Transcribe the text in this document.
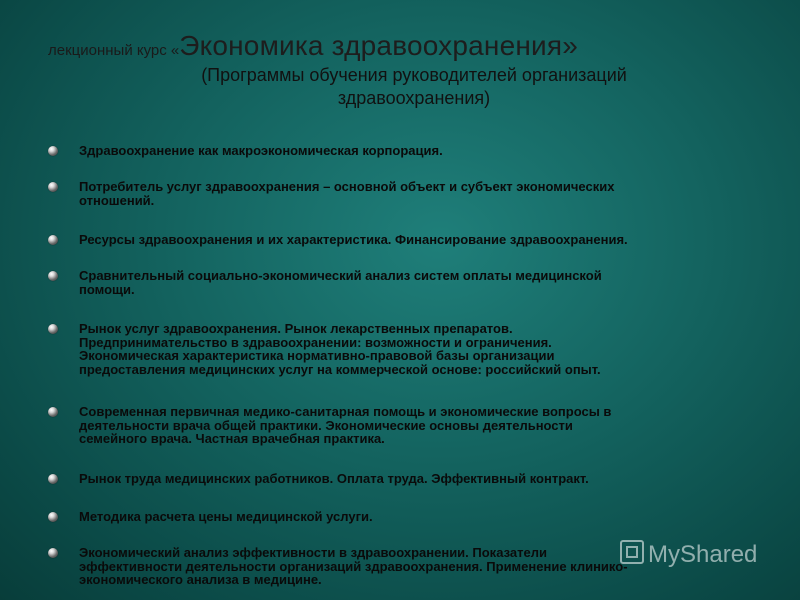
лекционный курс «Экономика здравоохранения»
(Программы обучения руководителей организаций здравоохранения)
Здравоохранение как макроэкономическая корпорация.
Потребитель услуг здравоохранения – основной объект и субъект экономических
отношений.
Ресурсы здравоохранения и их характеристика. Финансирование здравоохранения.
Сравнительный социально-экономический анализ систем оплаты медицинской
помощи.
Рынок услуг здравоохранения. Рынок лекарственных препаратов.
Предпринимательство в здравоохранении: возможности и ограничения.
Экономическая характеристика нормативно-правовой базы организации
предоставления медицинских услуг на коммерческой основе: российский опыт.
Современная первичная медико-санитарная помощь и экономические вопросы в
деятельности врача общей практики. Экономические основы деятельности
семейного врача. Частная врачебная практика.
Рынок труда медицинских работников. Оплата труда. Эффективный контракт.
Методика расчета цены медицинской услуги.
Экономический анализ эффективности в здравоохранении. Показатели
эффективности деятельности организаций здравоохранения. Применение клинико-
экономического анализа в медицине.
MyShared
